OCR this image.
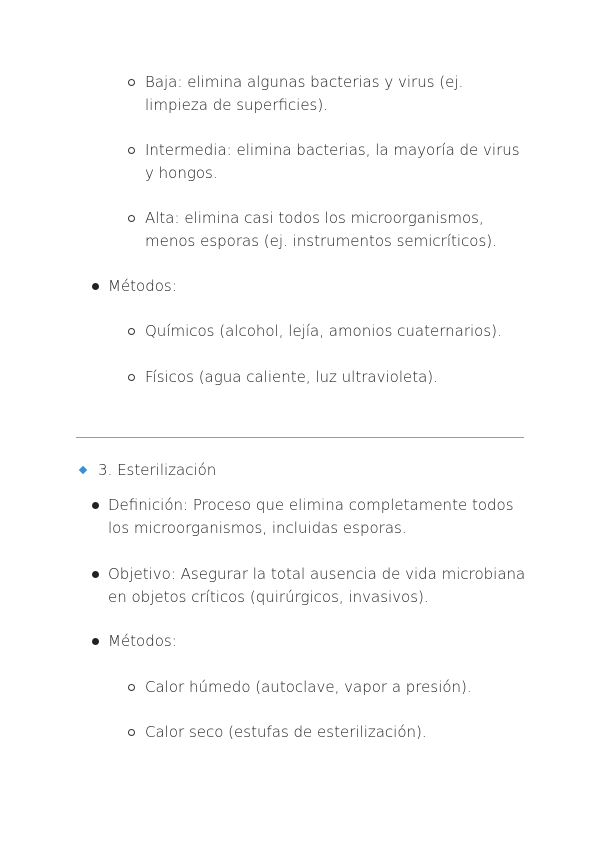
Baja: elimina algunas bacterias y virus (ej. limpieza de superficies).
Intermedia: elimina bacterias, la mayoría de virus y hongos.
Alta: elimina casi todos los microorganismos, menos esporas (ej. instrumentos semicríticos).
Métodos:
Químicos (alcohol, lejía, amonios cuaternarios).
Físicos (agua caliente, luz ultravioleta).
3. Esterilización
Definición: Proceso que elimina completamente todos los microorganismos, incluidas esporas.
Objetivo: Asegurar la total ausencia de vida microbiana en objetos críticos (quirúrgicos, invasivos).
Métodos:
Calor húmedo (autoclave, vapor a presión).
Calor seco (estufas de esterilización).
